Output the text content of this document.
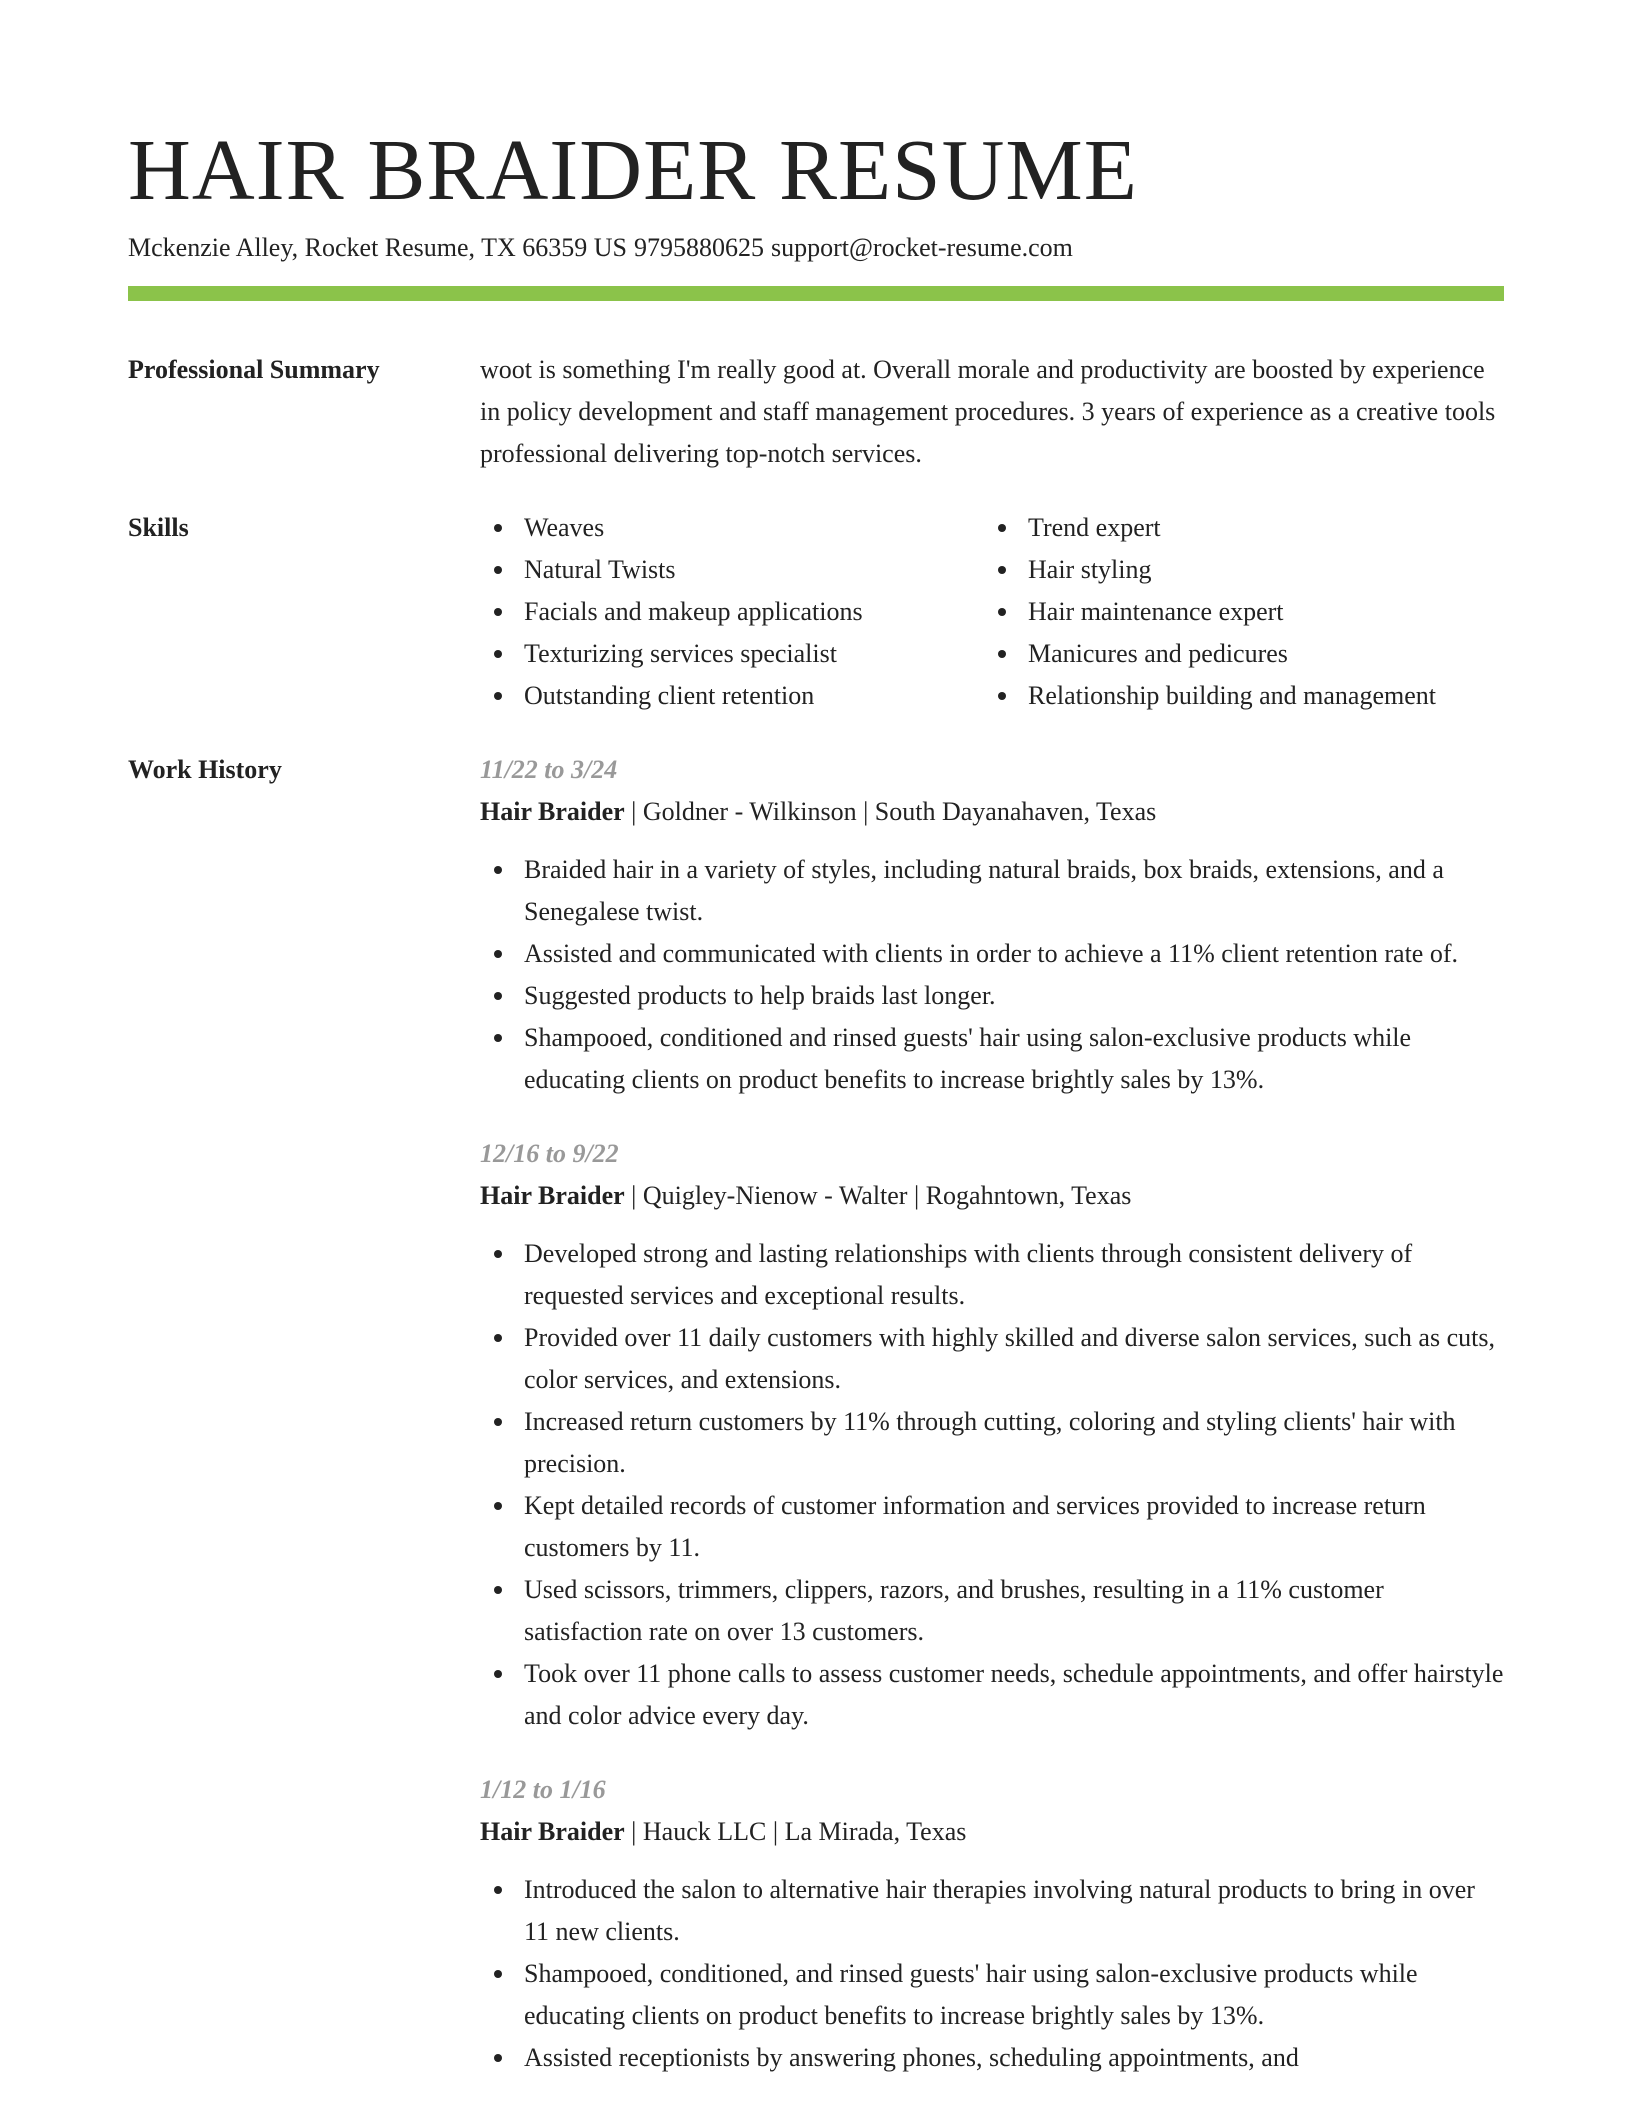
HAIR BRAIDER RESUME
Mckenzie Alley, Rocket Resume, TX 66359 US 9795880625 support@rocket-resume.com
Professional Summary	woot is something I'm really good at. Overall morale and productivity are boosted by experience in policy development and staff management procedures. 3 years of experience as a creative tools professional delivering top-notch services.

Skills	Weaves
Natural Twists
Facials and makeup applications
Texturizing services specialist
Outstanding client retention
Trend expert
Hair styling
Hair maintenance expert
Manicures and pedicures
Relationship building and management
Work History	11/22 to 3/24
Hair Braider | Goldner - Wilkinson | South Dayanahaven, Texas
Braided hair in a variety of styles, including natural braids, box braids, extensions, and a Senegalese twist.
Assisted and communicated with clients in order to achieve a 11% client retention rate of.
Suggested products to help braids last longer.
Shampooed, conditioned and rinsed guests' hair using salon-exclusive products while educating clients on product benefits to increase brightly sales by 13%.
12/16 to 9/22
Hair Braider | Quigley-Nienow - Walter | Rogahntown, Texas
Developed strong and lasting relationships with clients through consistent delivery of requested services and exceptional results.
Provided over 11 daily customers with highly skilled and diverse salon services, such as cuts, color services, and extensions.
Increased return customers by 11% through cutting, coloring and styling clients' hair with precision.
Kept detailed records of customer information and services provided to increase return customers by 11.
Used scissors, trimmers, clippers, razors, and brushes, resulting in a 11% customer satisfaction rate on over 13 customers.
Took over 11 phone calls to assess customer needs, schedule appointments, and offer hairstyle and color advice every day.
1/12 to 1/16
Hair Braider | Hauck LLC | La Mirada, Texas
Introduced the salon to alternative hair therapies involving natural products to bring in over 11 new clients.
Shampooed, conditioned, and rinsed guests' hair using salon-exclusive products while educating clients on product benefits to increase brightly sales by 13%.
Assisted receptionists by answering phones, scheduling appointments, and
